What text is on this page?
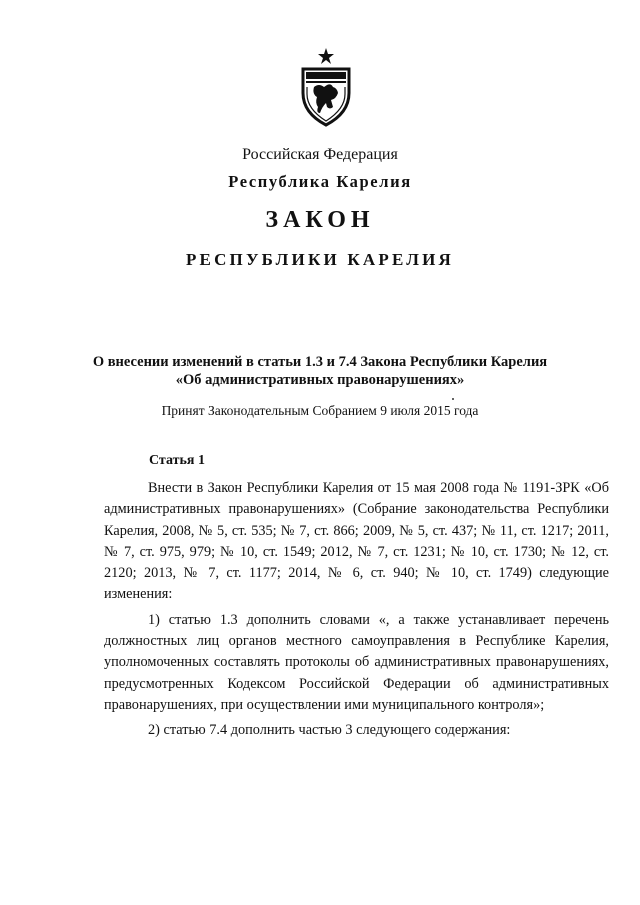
Российская Федерация
Республика Карелия
ЗАКОН
РЕСПУБЛИКИ КАРЕЛИЯ
О внесении изменений в статьи 1.3 и 7.4 Закона Республики Карелия
«Об административных правонарушениях»
Принят Законодательным Собранием 9 июля 2015 года
Статья 1

Внести в Закон Республики Карелия от 15 мая 2008 года № 1191-ЗРК «Об административных правонарушениях» (Собрание законодательства Республики Карелия, 2008, № 5, ст. 535; № 7, ст. 866; 2009, № 5, ст. 437; № 11, ст. 1217; 2011, № 7, ст. 975, 979; № 10, ст. 1549; 2012, № 7, ст. 1231; № 10, ст. 1730; № 12, ст. 2120; 2013, № 7, ст. 1177; 2014, № 6, ст. 940; № 10, ст. 1749) следующие изменения:

1) статью 1.3 дополнить словами «, а также устанавливает перечень должностных лиц органов местного самоуправления в Республике Карелия, уполномоченных составлять протоколы об административных правонарушениях, предусмотренных Кодексом Российской Федерации об административных правонарушениях, при осуществлении ими муниципального контроля»;

2) статью 7.4 дополнить частью 3 следующего содержания:
